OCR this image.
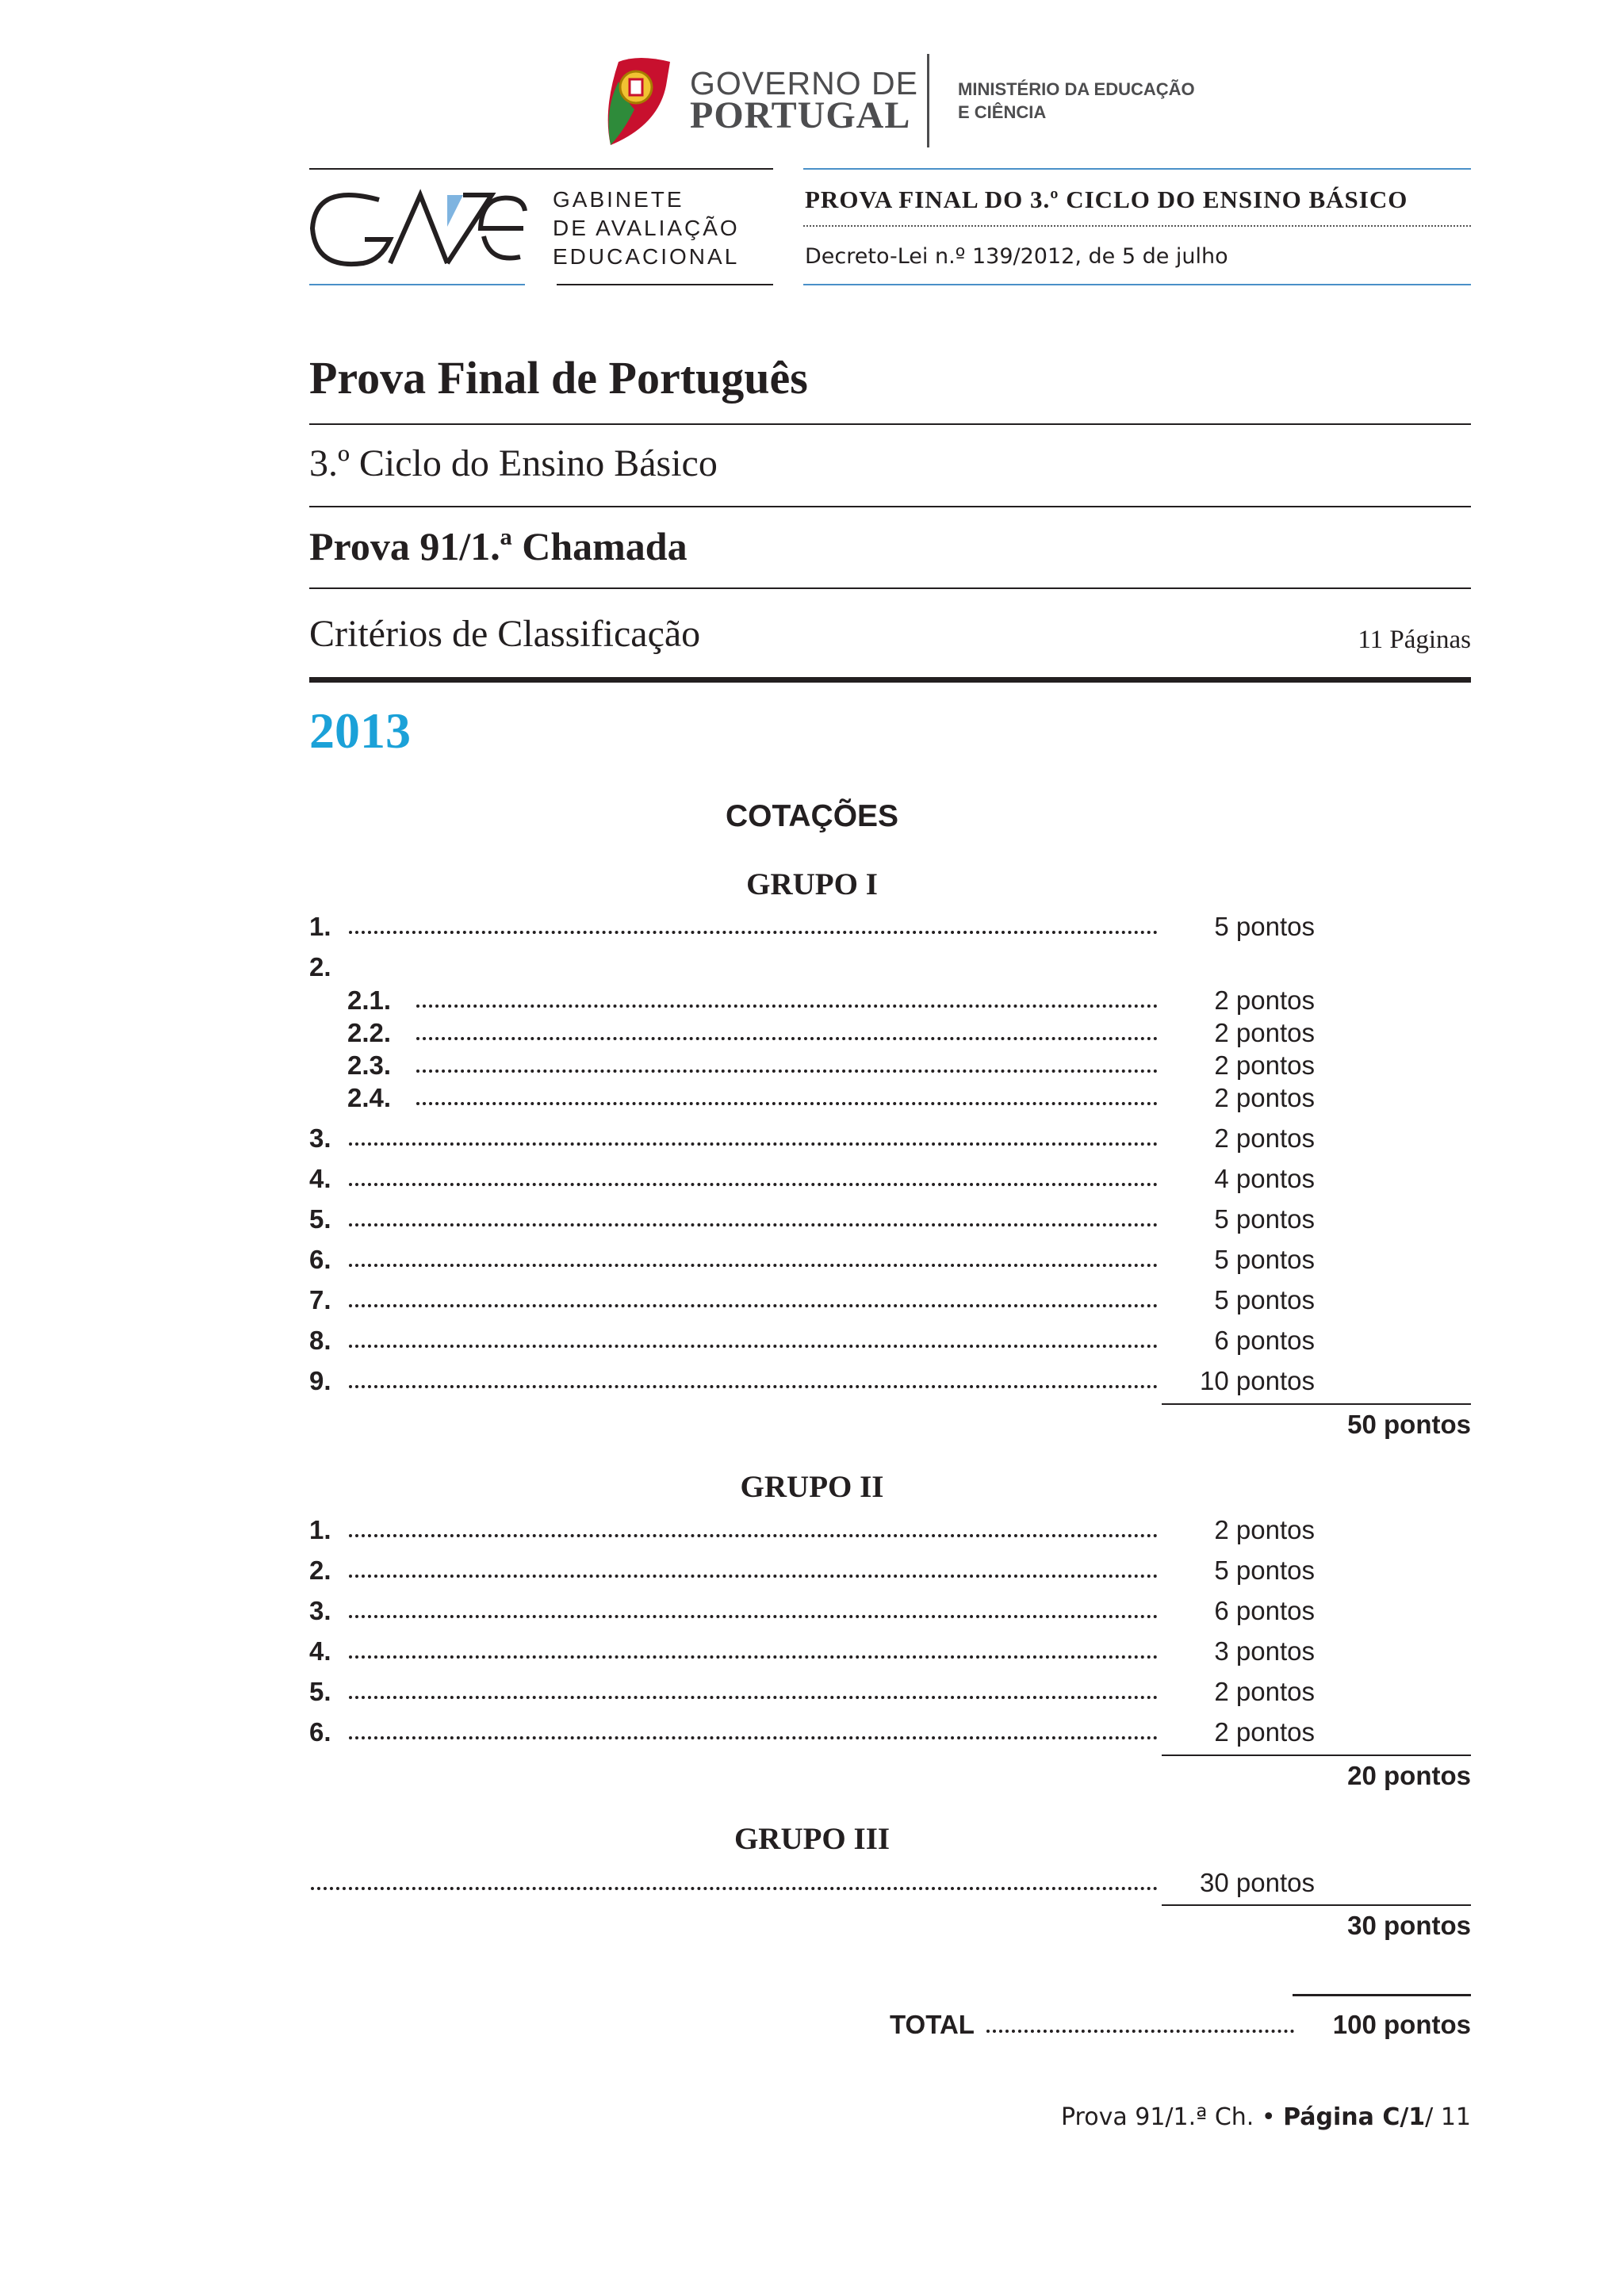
GOVERNO DE
PORTUGAL
MINISTÉRIO DA EDUCAÇÃO
E CIÊNCIA
GABINETE
DE AVALIAÇÃO
EDUCACIONAL
PROVA FINAL DO 3.º CICLO DO ENSINO BÁSICO
Decreto-Lei n.º 139/2012, de 5 de julho
Prova Final de Português
3.º Ciclo do Ensino Básico
Prova 91/1.ª Chamada
Critérios de Classificação	11 Páginas
2013
COTAÇÕES
GRUPO I
1.	5 pontos
2.
2.1.	2 pontos
2.2.	2 pontos
2.3.	2 pontos
2.4.	2 pontos
3.	2 pontos
4.	4 pontos
5.	5 pontos
6.	5 pontos
7.	5 pontos
8.	6 pontos
9.	10 pontos
50 pontos
GRUPO II
1.	2 pontos
2.	5 pontos
3.	6 pontos
4.	3 pontos
5.	2 pontos
6.	2 pontos
20 pontos
GRUPO III
30 pontos
30 pontos
TOTAL	100 pontos
Prova 91/1.ª Ch. • Página C/1/ 11
